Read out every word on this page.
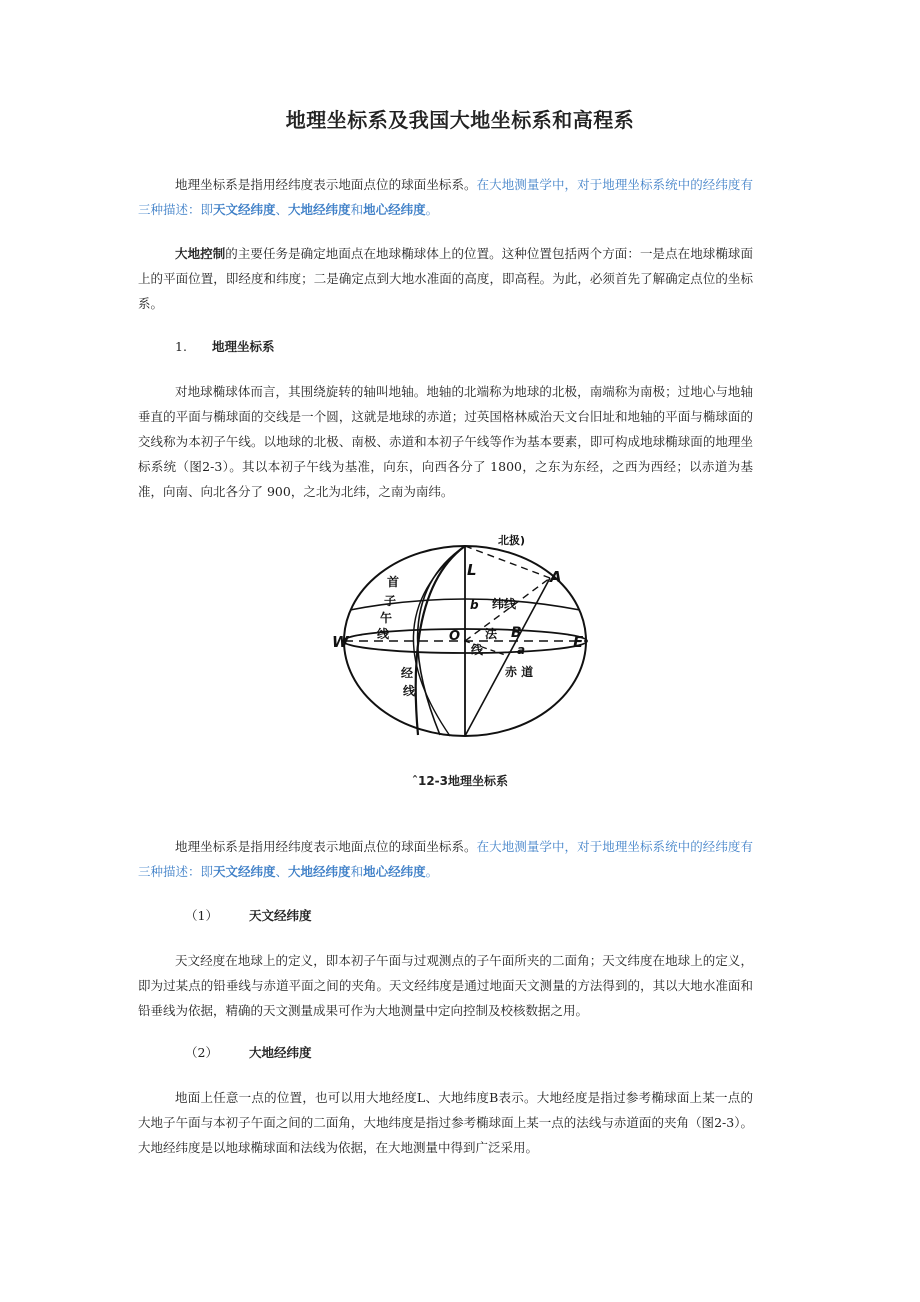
地理坐标系及我国大地坐标系和高程系
地理坐标系是指用经纬度表示地面点位的球面坐标系。在大地测量学中，对于地理坐标系统中的经纬度有三种描述：即天文经纬度、大地经纬度和地心经纬度。
大地控制的主要任务是确定地面点在地球椭球体上的位置。这种位置包括两个方面：一是点在地球椭球面上的平面位置，即经度和纬度；二是确定点到大地水准面的高度，即高程。为此，必须首先了解确定点位的坐标系。
1. 地理坐标系
对地球椭球体而言，其围绕旋转的轴叫地轴。地轴的北端称为地球的北极，南端称为南极；过地心与地轴垂直的平面与椭球面的交线是一个圆，这就是地球的赤道；过英国格林威治天文台旧址和地轴的平面与椭球面的交线称为本初子午线。以地球的北极、南极、赤道和本初子午线等作为基本要素，即可构成地球椭球面的地理坐标系统（图2-3）。其以本初子午线为基准，向东，向西各分了 1800，之东为东经，之西为西经；以赤道为基准，向南、向北各分了 900，之北为北纬，之南为南纬。
北扱)
W	E
A
L
O	B
b
a
首
子
午
线
纬线
法
线
赤 道
经
线
ˆ12-3地理坐标系
地理坐标系是指用经纬度表示地面点位的球面坐标系。在大地测量学中，对于地理坐标系统中的经纬度有三种描述：即天文经纬度、大地经纬度和地心经纬度。
（1） 天文经纬度
天文经度在地球上的定义，即本初子午面与过观测点的子午面所夹的二面角；天文纬度在地球上的定义，即为过某点的铅垂线与赤道平面之间的夹角。天文经纬度是通过地面天文测量的方法得到的，其以大地水准面和铅垂线为依据，精确的天文测量成果可作为大地测量中定向控制及校核数据之用。
（2） 大地经纬度
地面上任意一点的位置，也可以用大地经度L、大地纬度B表示。大地经度是指过参考椭球面上某一点的大地子午面与本初子午面之间的二面角，大地纬度是指过参考椭球面上某一点的法线与赤道面的夹角（图2-3）。大地经纬度是以地球椭球面和法线为依据，在大地测量中得到广泛采用。
